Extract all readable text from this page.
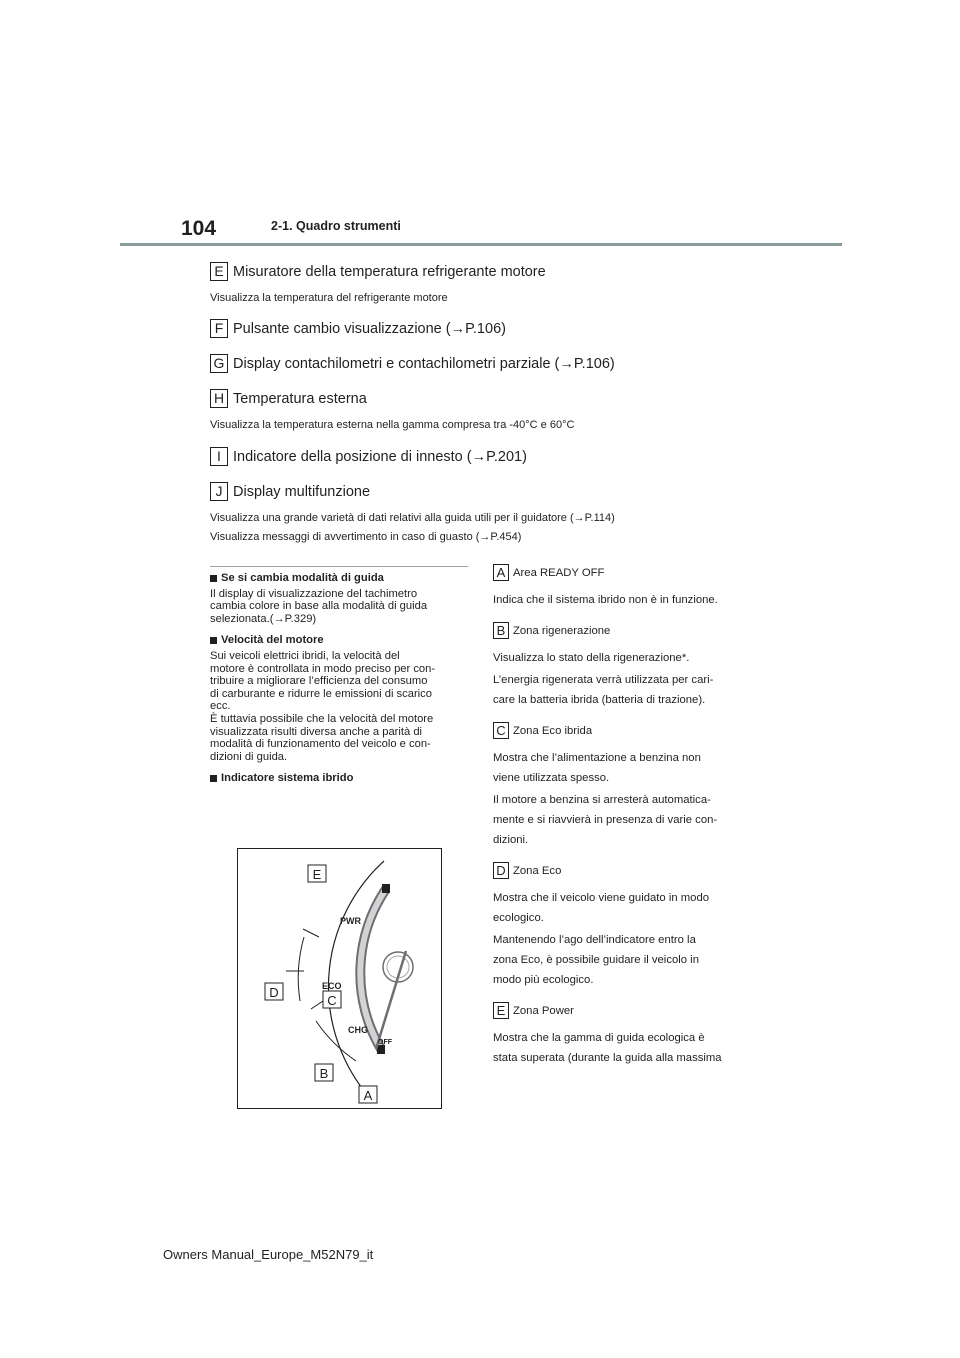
104	2-1. Quadro strumenti
E Misuratore della temperatura refrigerante motore
Visualizza la temperatura del refrigerante motore
F Pulsante cambio visualizzazione (→P.106)
G Display contachilometri e contachilometri parziale (→P.106)
H Temperatura esterna
Visualizza la temperatura esterna nella gamma compresa tra -40°C e 60°C
I Indicatore della posizione di innesto (→P.201)
J Display multifunzione
Visualizza una grande varietà di dati relativi alla guida utili per il guidatore (→P.114)
Visualizza messaggi di avvertimento in caso di guasto (→P.454)
Se si cambia modalità di guida
Il display di visualizzazione del tachimetro
cambia colore in base alla modalità di guida
selezionata.(→P.329)
Velocità del motore
Sui veicoli elettrici ibridi, la velocità del
motore è controllata in modo preciso per con-
tribuire a migliorare l’efficienza del consumo
di carburante e ridurre le emissioni di scarico
ecc.
È tuttavia possibile che la velocità del motore
visualizzata risulti diversa anche a parità di
modalità di funzionamento del veicolo e con-
dizioni di guida.
Indicatore sistema ibrido
PWR
ECO
CHG
OFF
E
D
C
B
A
A Area READY OFF
Indica che il sistema ibrido non è in funzione.
B Zona rigenerazione
Visualizza lo stato della rigenerazione*.
L’energia rigenerata verrà utilizzata per cari-
care la batteria ibrida (batteria di trazione).
C Zona Eco ibrida
Mostra che l’alimentazione a benzina non
viene utilizzata spesso.
Il motore a benzina si arresterà automatica-
mente e si riavvierà in presenza di varie con-
dizioni.
D Zona Eco
Mostra che il veicolo viene guidato in modo
ecologico.
Mantenendo l’ago dell’indicatore entro la
zona Eco, è possibile guidare il veicolo in
modo più ecologico.
E Zona Power
Mostra che la gamma di guida ecologica è
stata superata (durante la guida alla massima
Owners Manual_Europe_M52N79_it
